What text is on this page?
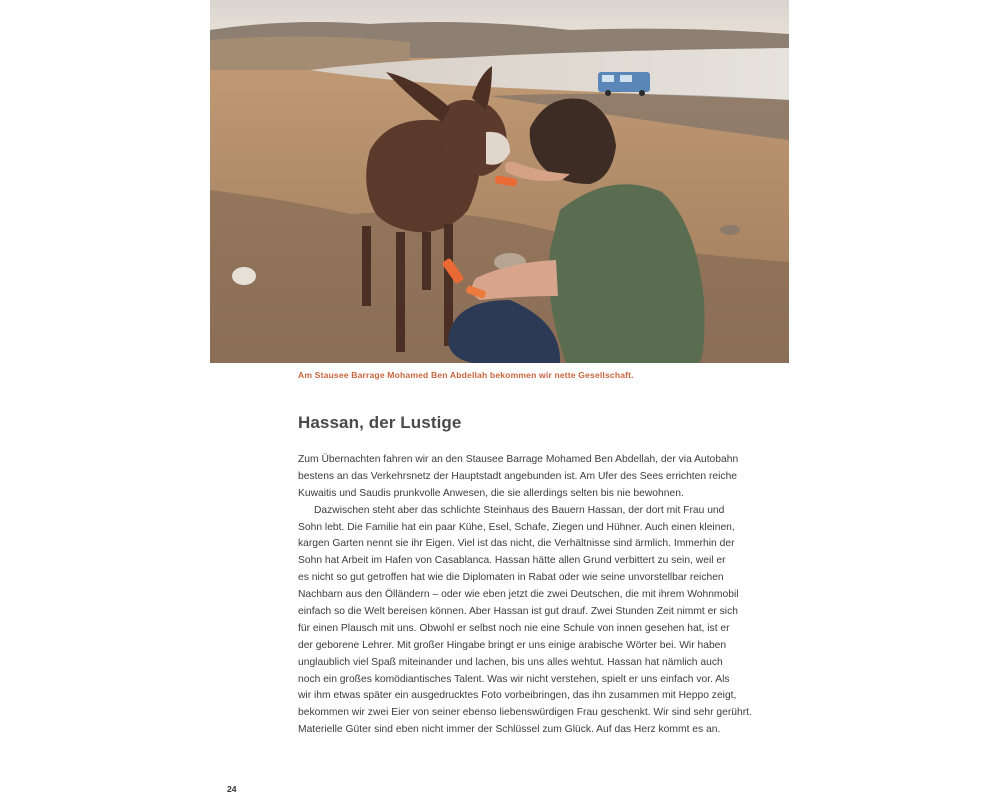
Am Stausee Barrage Mohamed Ben Abdellah bekommen wir nette Gesellschaft.
Hassan, der Lustige
Zum Übernachten fahren wir an den Stausee Barrage Mohamed Ben Abdellah, der via Autobahn
bestens an das Verkehrsnetz der Hauptstadt angebunden ist. Am Ufer des Sees errichten reiche
Kuwaitis und Saudis prunkvolle Anwesen, die sie allerdings selten bis nie bewohnen.
Dazwischen steht aber das schlichte Steinhaus des Bauern Hassan, der dort mit Frau und
Sohn lebt. Die Familie hat ein paar Kühe, Esel, Schafe, Ziegen und Hühner. Auch einen kleinen,
kargen Garten nennt sie ihr Eigen. Viel ist das nicht, die Verhältnisse sind ärmlich. Immerhin der
Sohn hat Arbeit im Hafen von Casablanca. Hassan hätte allen Grund verbittert zu sein, weil er
es nicht so gut getroffen hat wie die Diplomaten in Rabat oder wie seine unvorstellbar reichen
Nachbarn aus den Ölländern – oder wie eben jetzt die zwei Deutschen, die mit ihrem Wohnmobil
einfach so die Welt bereisen können. Aber Hassan ist gut drauf. Zwei Stunden Zeit nimmt er sich
für einen Plausch mit uns. Obwohl er selbst noch nie eine Schule von innen gesehen hat, ist er
der geborene Lehrer. Mit großer Hingabe bringt er uns einige arabische Wörter bei. Wir haben
unglaublich viel Spaß miteinander und lachen, bis uns alles wehtut. Hassan hat nämlich auch
noch ein großes komödiantisches Talent. Was wir nicht verstehen, spielt er uns einfach vor. Als
wir ihm etwas später ein ausgedrucktes Foto vorbeibringen, das ihn zusammen mit Heppo zeigt,
bekommen wir zwei Eier von seiner ebenso liebenswürdigen Frau geschenkt. Wir sind sehr gerührt.
Materielle Güter sind eben nicht immer der Schlüssel zum Glück. Auf das Herz kommt es an.
24
